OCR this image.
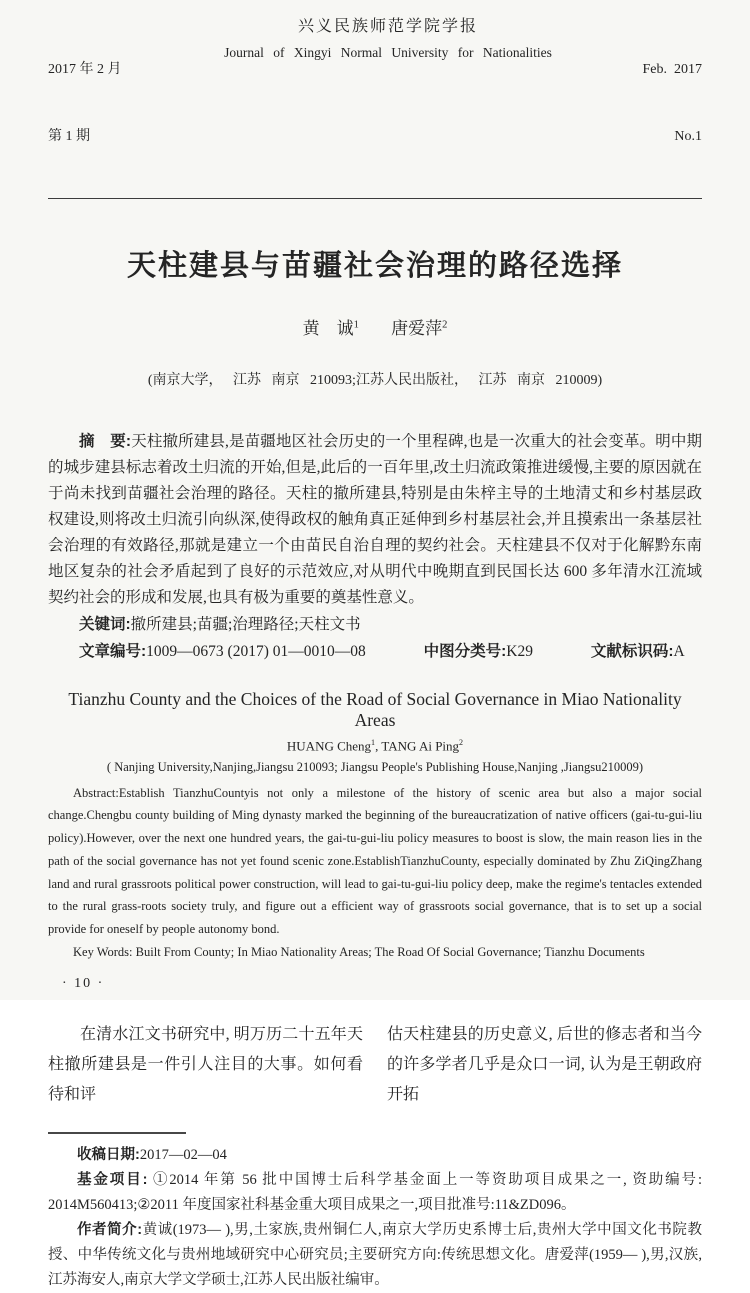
2017 年 2 月

第 1 期

兴义民族师范学院学报
Journal of Xingyi Normal University for Nationalities

Feb.  2017

No.1

天柱建县与苗疆社会治理的路径选择
黄　诚$^1$ 唐爱萍$^2$
(南京大学，   江苏   南京   210093;江苏人民出版社，   江苏   南京   210009)

摘　要:天柱撤所建县,是苗疆地区社会历史的一个里程碑,也是一次重大的社会变革。明中期的城步建县标志着改土归流的开始,但是,此后的一百年里,改土归流政策推进缓慢,主要的原因就在于尚未找到苗疆社会治理的路径。天柱的撤所建县,特别是由朱梓主导的土地清丈和乡村基层政权建设,则将改土归流引向纵深,使得政权的触角真正延伸到乡村基层社会,并且摸索出一条基层社会治理的有效路径,那就是建立一个由苗民自治自理的契约社会。天柱建县不仅对于化解黔东南地区复杂的社会矛盾起到了良好的示范效应,对从明代中晚期直到民国长达 600 多年清水江流域契约社会的形成和发展,也具有极为重要的奠基性意义。

关键词:撤所建县;苗疆;治理路径;天柱文书
文章编号:1009—0673 (2017) 01—0010—08	中图分类号:K29	文献标识码:A
Tianzhu County and the Choices of the Road of Social Governance in Miao Nationality Areas
HUANG Cheng$^1$, TANG Ai Ping$^2$
( Nanjing University,Nanjing,Jiangsu 210093; Jiangsu People's Publishing House,Nanjing ,Jiangsu210009)

Abstract:Establish TianzhuCountyis not only a milestone of the history of scenic area but also a major social change.Chengbu county building of Ming dynasty marked the beginning of the bureaucratization of native officers (gai-tu-gui-liu policy).However, over the next one hundred years, the gai-tu-gui-liu policy measures to boost is slow, the main reason lies in the path of the social governance has not yet found scenic zone.EstablishTianzhuCounty, especially dominated by Zhu ZiQingZhang land and rural grassroots political power construction, will lead to gai-tu-gui-liu policy deep, make the regime's tentacles extended to the rural grass-roots society truly, and figure out a efficient way of grassroots social governance, that is to set up a social provide for oneself by people autonomy bond.

Key Words: Built From County; In Miao Nationality Areas; The Road Of Social Governance; Tianzhu Documents

在清水江文书研究中, 明万历二十五年天柱撤所建县是一件引人注目的大事。如何看待和评

估天柱建县的历史意义, 后世的修志者和当今的许多学者几乎是众口一词, 认为是王朝政府开拓

收稿日期:2017—02—04

基金项目: ①2014 年第 56 批中国博士后科学基金面上一等资助项目成果之一, 资助编号: 2014M560413;②2011 年度国家社科基金重大项目成果之一,项目批准号:11&ZD096。

作者简介:黄诚(1973— ),男,土家族,贵州铜仁人,南京大学历史系博士后,贵州大学中国文化书院教授、中华传统文化与贵州地域研究中心研究员;主要研究方向:传统思想文化。唐爱萍(1959— ),男,汉族,江苏海安人,南京大学文学硕士,江苏人民出版社编审。

· 10 ·
